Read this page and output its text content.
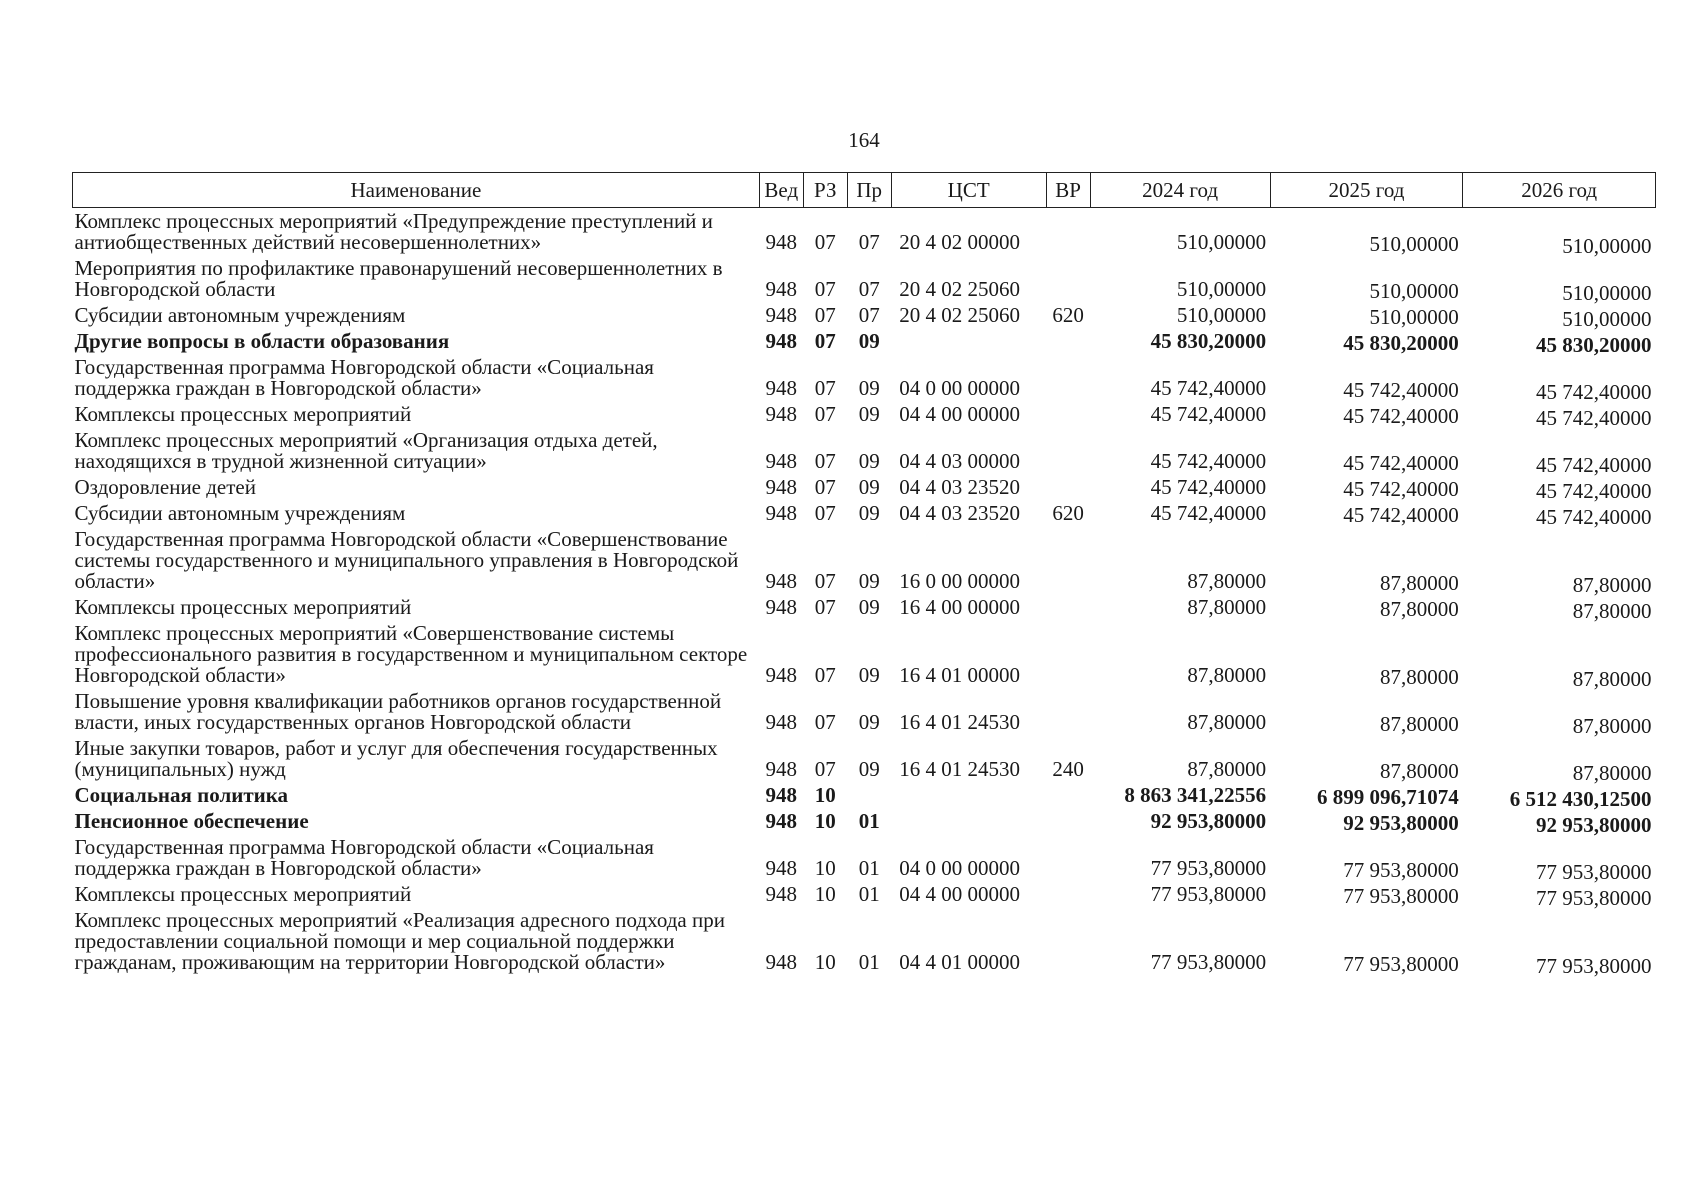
164
Наименование	Вед	РЗ	Пр	ЦСТ	ВР	2024 год	2025 год	2026 год
Комплекс процессных мероприятий «Предупреждение преступлений и антиобщественных действий несовершеннолетних»	948	07	07	20 4 02 00000		510,00000	510,00000	510,00000
Мероприятия по профилактике правонарушений несовершеннолетних в Новгородской области	948	07	07	20 4 02 25060		510,00000	510,00000	510,00000
Субсидии автономным учреждениям	948	07	07	20 4 02 25060	620	510,00000	510,00000	510,00000
Другие вопросы в области образования	948	07	09			45 830,20000	45 830,20000	45 830,20000
Государственная программа Новгородской области «Социальная поддержка граждан в Новгородской области»	948	07	09	04 0 00 00000		45 742,40000	45 742,40000	45 742,40000
Комплексы процессных мероприятий	948	07	09	04 4 00 00000		45 742,40000	45 742,40000	45 742,40000
Комплекс процессных мероприятий «Организация отдыха детей, находящихся в трудной жизненной ситуации»	948	07	09	04 4 03 00000		45 742,40000	45 742,40000	45 742,40000
Оздоровление детей	948	07	09	04 4 03 23520		45 742,40000	45 742,40000	45 742,40000
Субсидии автономным учреждениям	948	07	09	04 4 03 23520	620	45 742,40000	45 742,40000	45 742,40000
Государственная программа Новгородской области «Совершенствование системы государственного и муниципального управления в Новгородской области»	948	07	09	16 0 00 00000		87,80000	87,80000	87,80000
Комплексы процессных мероприятий	948	07	09	16 4 00 00000		87,80000	87,80000	87,80000
Комплекс процессных мероприятий «Совершенствование системы профессионального развития в государственном и муниципальном секторе Новгородской области»	948	07	09	16 4 01 00000		87,80000	87,80000	87,80000
Повышение уровня квалификации работников органов государственной власти, иных государственных органов Новгородской области	948	07	09	16 4 01 24530		87,80000	87,80000	87,80000
Иные закупки товаров, работ и услуг для обеспечения государственных (муниципальных) нужд	948	07	09	16 4 01 24530	240	87,80000	87,80000	87,80000
Социальная политика	948	10				8 863 341,22556	6 899 096,71074	6 512 430,12500
Пенсионное обеспечение	948	10	01			92 953,80000	92 953,80000	92 953,80000
Государственная программа Новгородской области «Социальная поддержка граждан в Новгородской области»	948	10	01	04 0 00 00000		77 953,80000	77 953,80000	77 953,80000
Комплексы процессных мероприятий	948	10	01	04 4 00 00000		77 953,80000	77 953,80000	77 953,80000
Комплекс процессных мероприятий «Реализация адресного подхода при предоставлении социальной помощи и мер социальной поддержки гражданам, проживающим на территории Новгородской области»	948	10	01	04 4 01 00000		77 953,80000	77 953,80000	77 953,80000
